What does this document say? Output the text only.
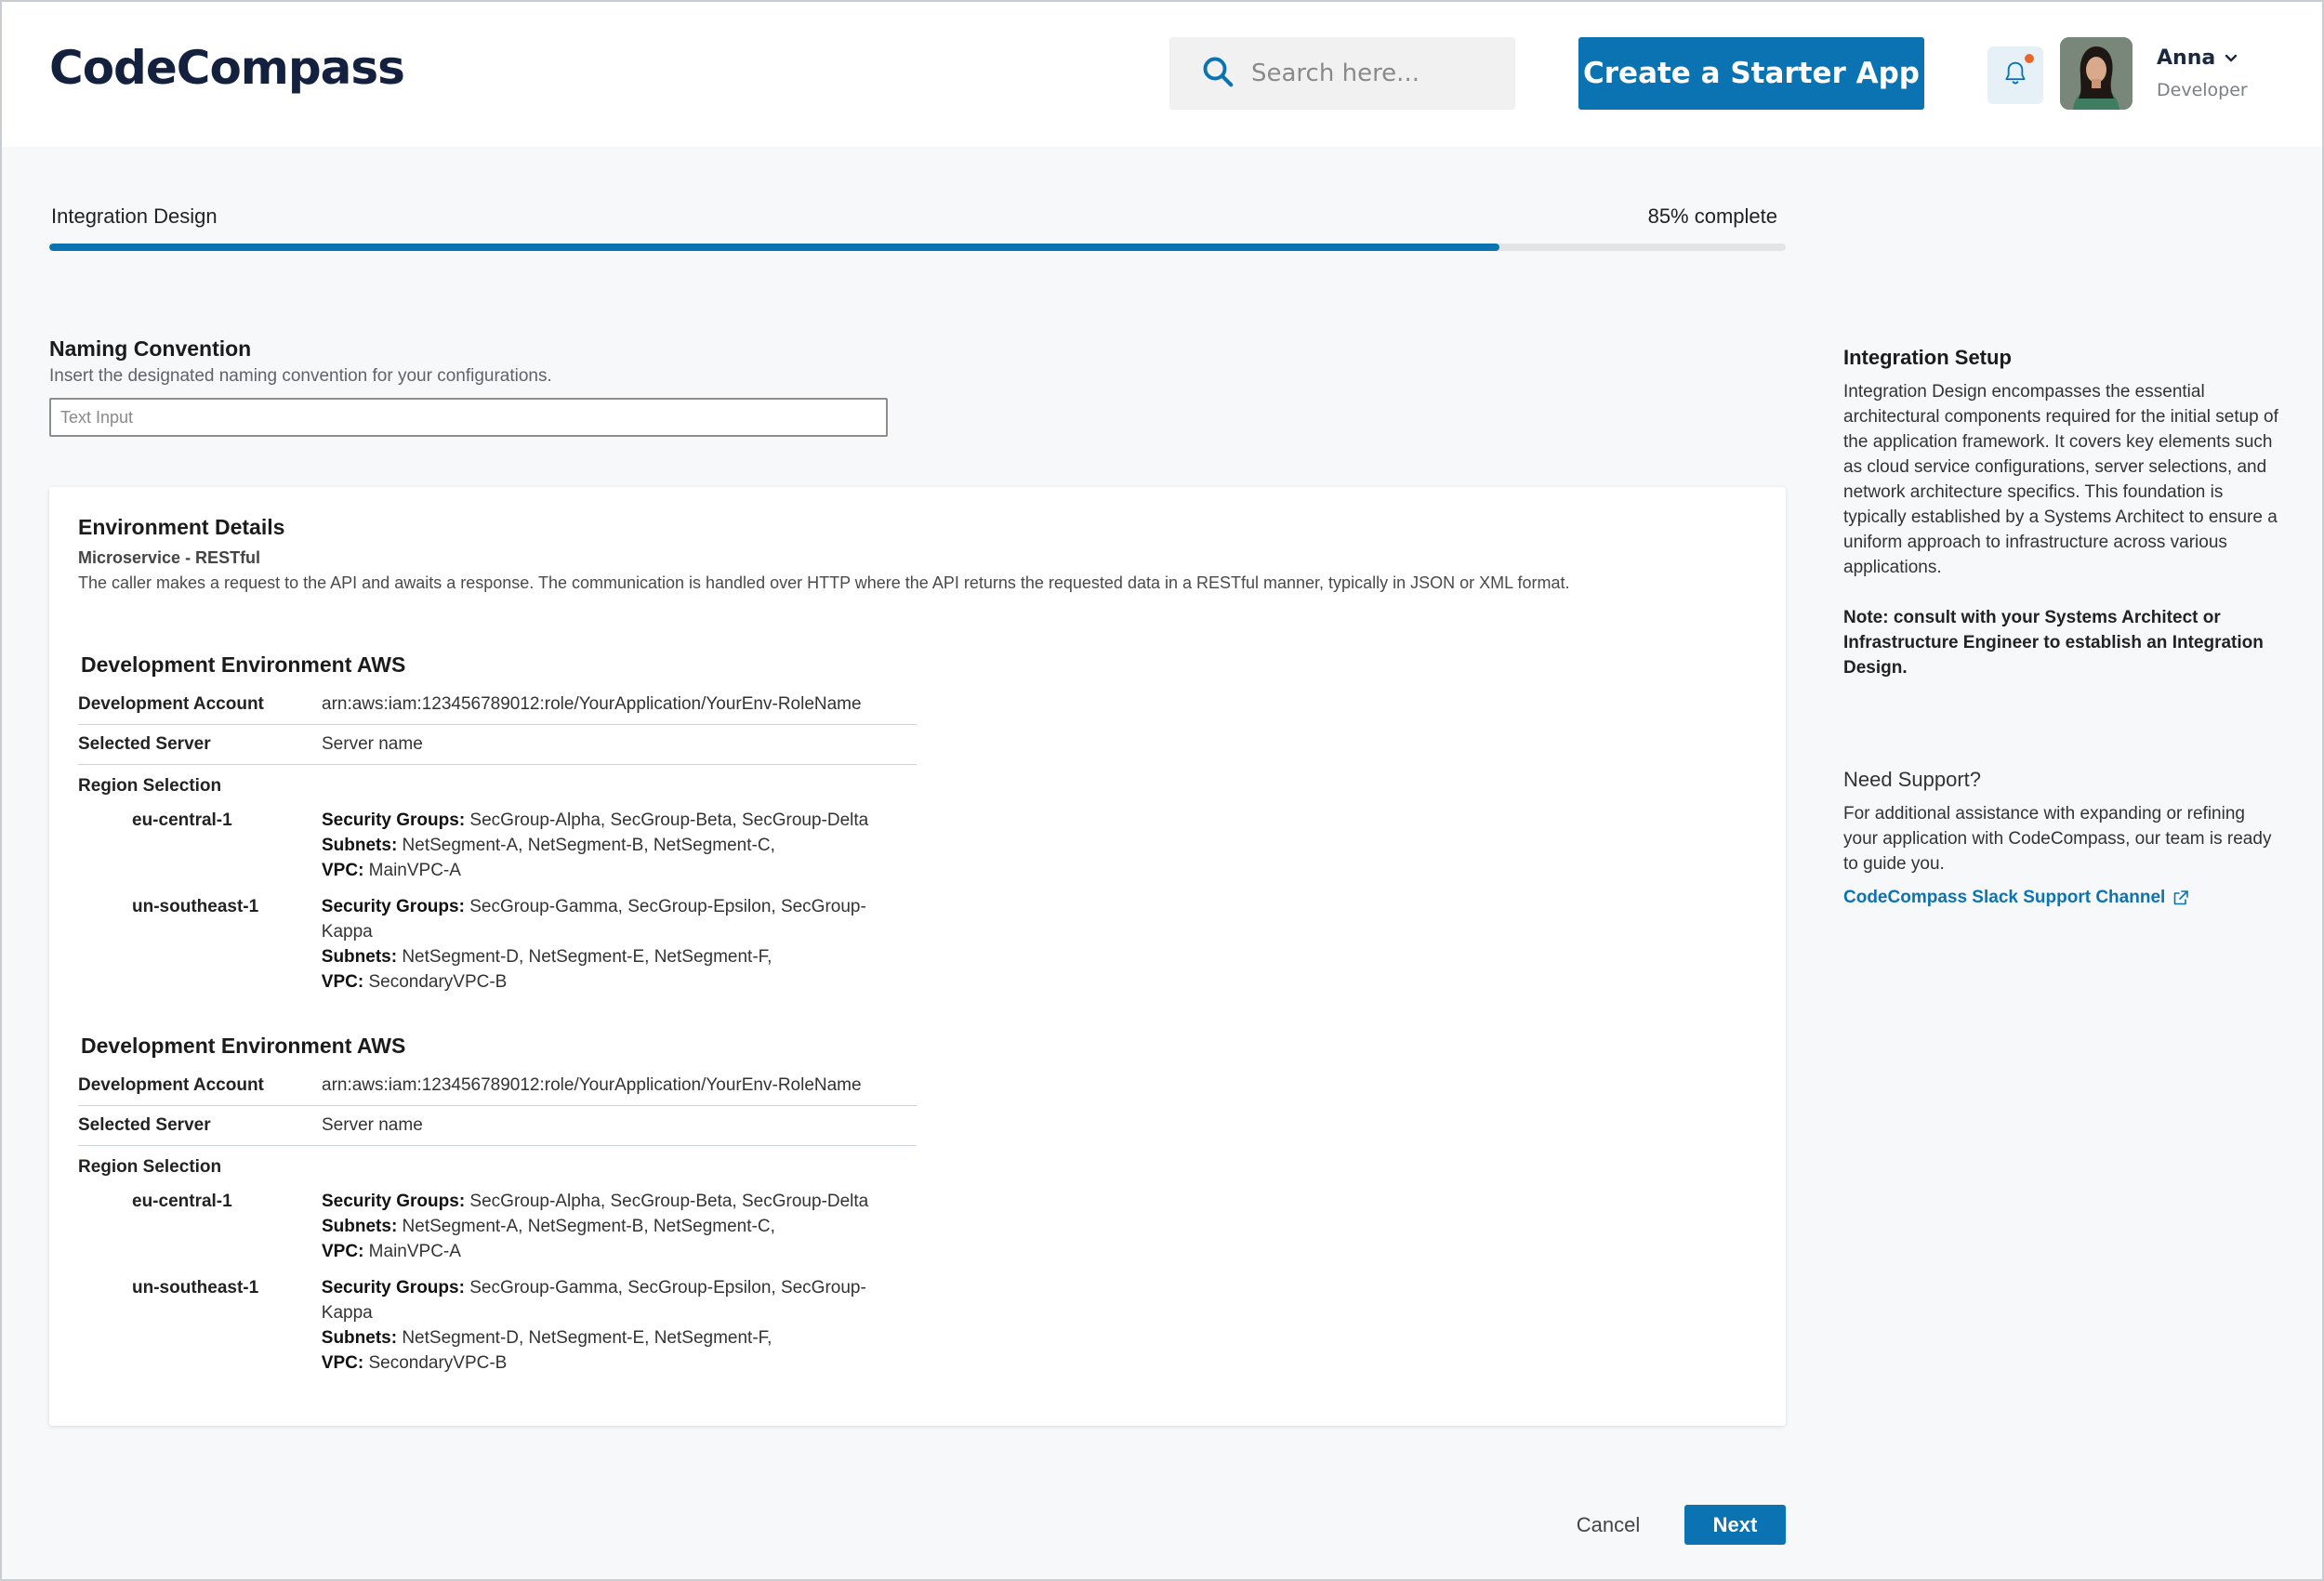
CodeCompass
Search here...	Create a Starter App	Anna
Developer
Integration Design	85% complete
Naming Convention
Insert the designated naming convention for your configurations.
Text Input
Environment Details
Microservice - RESTful
The caller makes a request to the API and awaits a response. The communication is handled over HTTP where the API returns the requested data in a RESTful manner, typically in JSON or XML format.
Development Environment AWS
Development Account	arn:aws:iam:123456789012:role/YourApplication/YourEnv-RoleName
Selected Server	Server name
Region Selection
eu-central-1	Security Groups: SecGroup-Alpha, SecGroup-Beta, SecGroup-Delta
Subnets: NetSegment-A, NetSegment-B, NetSegment-C,
VPC: MainVPC-A
un-southeast-1	Security Groups: SecGroup-Gamma, SecGroup-Epsilon, SecGroup-Kappa
Subnets: NetSegment-D, NetSegment-E, NetSegment-F,
VPC: SecondaryVPC-B
Development Environment AWS
Development Account	arn:aws:iam:123456789012:role/YourApplication/YourEnv-RoleName
Selected Server	Server name
Region Selection
eu-central-1	Security Groups: SecGroup-Alpha, SecGroup-Beta, SecGroup-Delta
Subnets: NetSegment-A, NetSegment-B, NetSegment-C,
VPC: MainVPC-A
un-southeast-1	Security Groups: SecGroup-Gamma, SecGroup-Epsilon, SecGroup-Kappa
Subnets: NetSegment-D, NetSegment-E, NetSegment-F,
VPC: SecondaryVPC-B
Integration Setup
Integration Design encompasses the essential architectural components required for the initial setup of the application framework. It covers key elements such as cloud service configurations, server selections, and network architecture specifics. This foundation is typically established by a Systems Architect to ensure a uniform approach to infrastructure across various applications.
Note: consult with your Systems Architect or Infrastructure Engineer to establish an Integration Design.
Need Support?
For additional assistance with expanding or refining your application with CodeCompass, our team is ready to guide you.
CodeCompass Slack Support Channel
Cancel	Next
